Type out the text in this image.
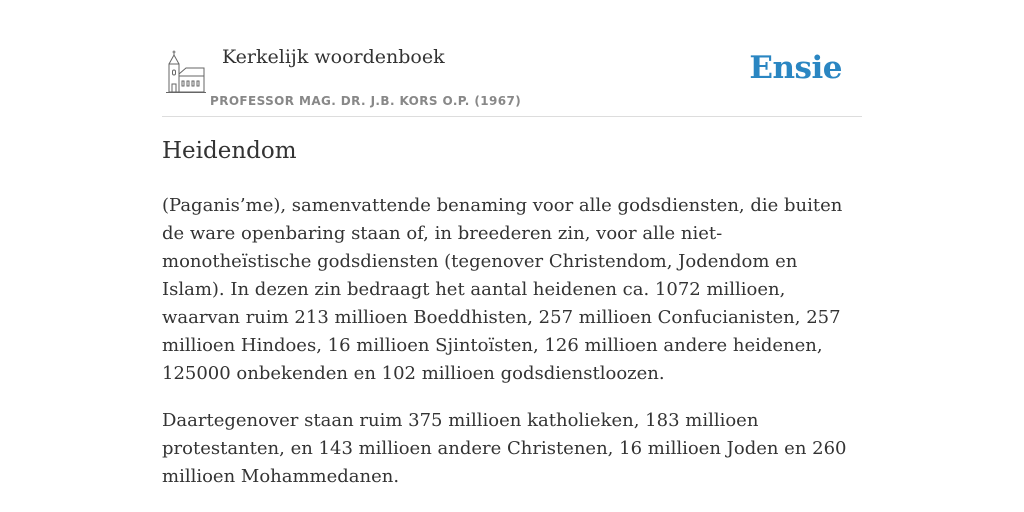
Kerkelijk woordenboek
PROFESSOR MAG. DR. J.B. KORS O.P. (1967)
Ensie
Heidendom

(Paganis’me), samenvattende benaming voor alle godsdiensten, die buiten de ware openbaring staan of, in breederen zin, voor alle niet-monotheïstische godsdiensten (tegenover Christendom, Jodendom en Islam). In dezen zin bedraagt het aantal heidenen ca. 1072 millioen, waarvan ruim 213 millioen Boeddhisten, 257 millioen Confucianisten, 257 millioen Hindoes, 16 millioen Sjintoïsten, 126 millioen andere heidenen, 125000 onbekenden en 102 millioen godsdienstloozen.

Daartegenover staan ruim 375 millioen katholieken, 183 millioen protestanten, en 143 millioen andere Christenen, 16 millioen Joden en 260 millioen Mohammedanen.
